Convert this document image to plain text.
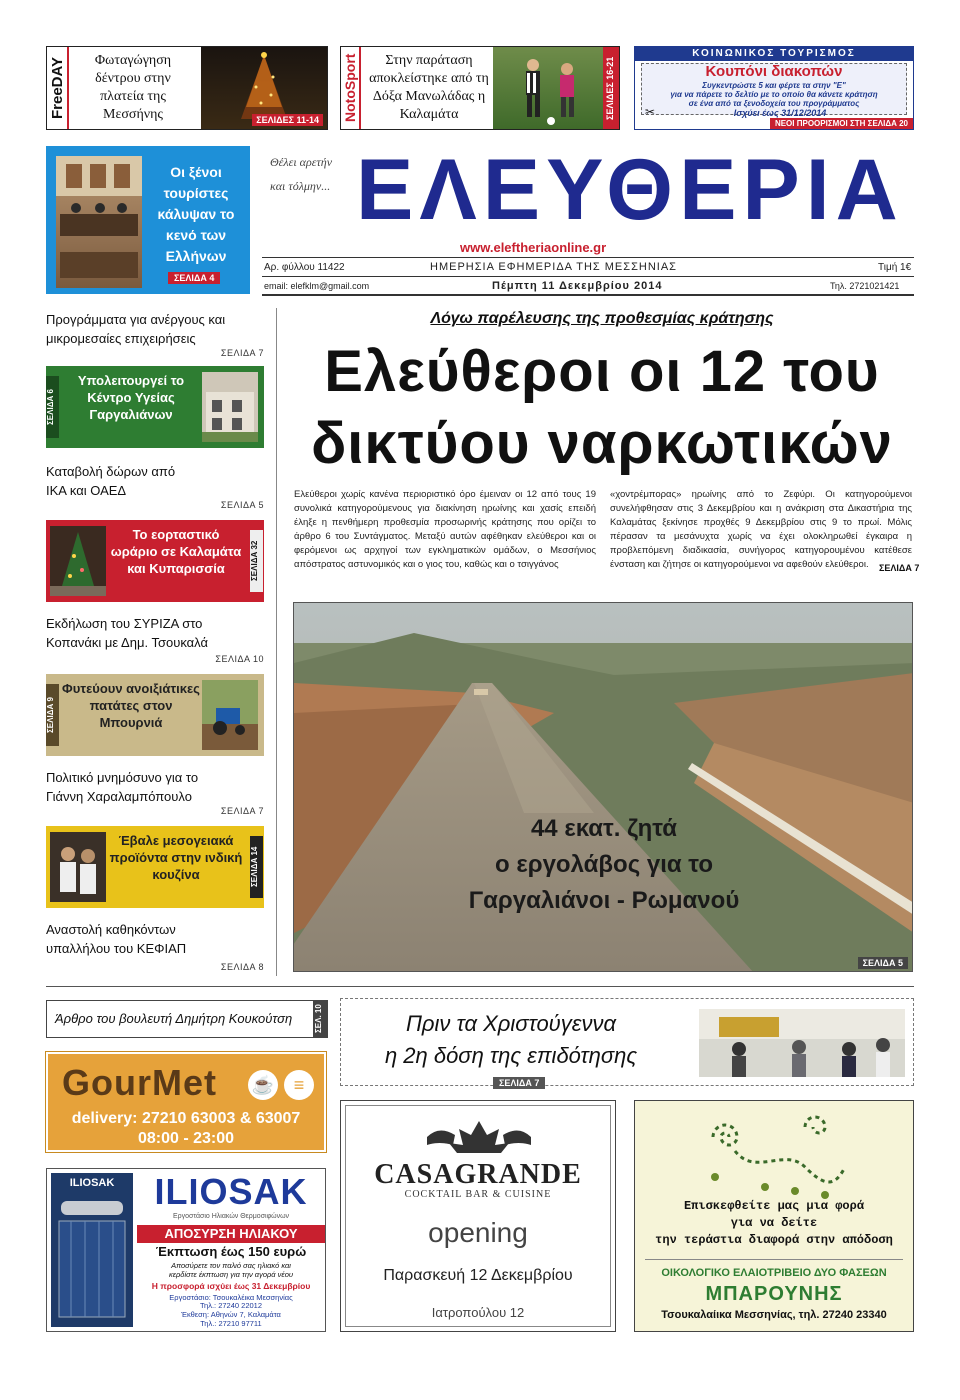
FreeDAY	Φωταγώγηση δέντρου στην πλατεία της Μεσσήνης	ΣΕΛΙΔΕΣ 11-14 NotoSport	Στην παράταση αποκλείστηκε από τη Δόξα Μανωλάδας η Καλαμάτα	ΣΕΛΙΔΕΣ 16-21
ΚΟΙΝΩΝΙΚΟΣ ΤΟΥΡΙΣΜΟΣ
Κουπόνι διακοπών
Συγκεντρώστε 5 και φέρτε τα στην "Ε"
για να πάρετε το δελτίο με το οποίο θα κάνετε κράτηση
σε ένα από τα ξενοδοχεία του προγράμματος
✂	Ισχύει έως 31/12/2014
ΝΕΟΙ ΠΡΟΟΡΙΣΜΟΙ ΣΤΗ ΣΕΛΙΔΑ 20
Οι ξένοι τουρίστες κάλυψαν το κενό των Ελλήνων
ΣΕΛΙΔΑ 4
Θέλει αρετήν και τόλμην... ΕΛΕΥΘΕΡΙΑ
www.eleftheriaonline.gr
Αρ. φύλλου 11422	ΗΜΕΡΗΣΙΑ ΕΦΗΜΕΡΙΔΑ ΤΗΣ ΜΕΣΣΗΝΙΑΣ	Τιμή 1€
email: elefklm@gmail.com	Πέμπτη 11 Δεκεμβρίου 2014	Τηλ. 2721021421
Προγράμματα για ανέργους και μικρομεσαίες επιχειρήσεις
ΣΕΛΙΔΑ 7
ΣΕΛΙΔΑ 6
Υπολειτουργεί το Κέντρο Υγείας Γαργαλιάνων
Καταβολή δώρων από ΙΚΑ και ΟΑΕΔ
ΣΕΛΙΔΑ 5
Το εορταστικό ωράριο σε Καλαμάτα και Κυπαρισσία	ΣΕΛΙΔΑ 32
Εκδήλωση του ΣΥΡΙΖΑ στο Κοπανάκι με Δημ. Τσουκαλά
ΣΕΛΙΔΑ 10
ΣΕΛΙΔΑ 9
Φυτεύουν ανοιξιάτικες πατάτες στον Μπουρνιά
Πολιτικό μνημόσυνο για το Γιάννη Χαραλαμπόπουλο
ΣΕΛΙΔΑ 7
Έβαλε μεσογειακά προϊόντα στην ινδική κουζίνα	ΣΕΛΙΔΑ 14
Αναστολή καθηκόντων υπαλλήλου του ΚΕΦΙΑΠ
ΣΕΛΙΔΑ 8
Λόγω παρέλευσης της προθεσμίας κράτησης
Ελεύθεροι οι 12 του
δικτύου ναρκωτικών
Ελεύθεροι χωρίς κανένα περιοριστικό όρο έμειναν οι 12 από τους 19 συνολικά κατηγορούμενους για διακίνηση ηρωίνης και χασίς επειδή έληξε η πενθήμερη προθεσμία προσωρινής κράτησης που ορίζει το άρθρο 6 του Συντάγματος. Μεταξύ αυτών αφέθηκαν ελεύθεροι και οι φερόμενοι ως αρχηγοί των εγκληματικών ομάδων, ο Μεσσήνιος απόστρατος αστυνομικός και ο γιος του, καθώς και ο τσιγγάνος
«χοντρέμπορας» ηρωίνης από το Ζεφύρι. Οι κατηγορούμενοι συνελήφθησαν στις 3 Δεκεμβρίου και η ανάκριση στα Δικαστήρια της Καλαμάτας ξεκίνησε προχθές 9 Δεκεμβρίου στις 9 το πρωί. Μόλις πέρασαν τα μεσάνυχτα χωρίς να έχει ολοκληρωθεί έγκαιρα η προβλεπόμενη διαδικασία, συνήγορος κατηγορουμένου κατέθεσε ένσταση και ζήτησε οι κατηγορούμενοι να αφεθούν ελεύθεροι.	ΣΕΛΙΔΑ 7
44 εκατ. ζητά
ο εργολάβος για το
Γαργαλιάνοι - Ρωμανού
ΣΕΛΙΔΑ 5
Άρθρο του βουλευτή Δημήτρη Κουκούτση	ΣΕΛ. 10	Πριν τα Χριστούγεννα
η 2η δόση της επιδότησης
ΣΕΛΙΔΑ 7
GourMet ☕	≡
delivery: 27210 63003 & 63007
08:00 - 23:00
ILIOSAK	ILIOSAK
Εργοστάσιο Ηλιακών Θερμοσιφώνων
ΑΠΟΣΥΡΣΗ ΗΛΙΑΚΟΥ
Έκπτωση έως 150 ευρώ
Αποσύρετε τον παλιό σας ηλιακό και
κερδίστε έκπτωση για την αγορά νέου
Η προσφορά ισχύει έως 31 Δεκεμβρίου
Εργοστάσιο: Τσουκαλέικα Μεσσηνίας
Τηλ.: 27240 22012
Έκθεση: Αθηνών 7, Καλαμάτα
Τηλ.: 27210 97711
CASAGRANDE
COCKTAIL BAR & CUISINE
opening
Παρασκευή 12 Δεκεμβρίου
Ιατροπούλου 12
Επισκεφθείτε μας μια φορά
για να δείτε
την τεράστια διαφορά στην απόδοση
ΟΙΚΟΛΟΓΙΚΟ ΕΛΑΙΟΤΡΙΒΕΙΟ ΔΥΟ ΦΑΣΕΩΝ
ΜΠΑΡΟΥΝΗΣ
Τσουκαλαίικα Μεσσηνίας, τηλ. 27240 23340
